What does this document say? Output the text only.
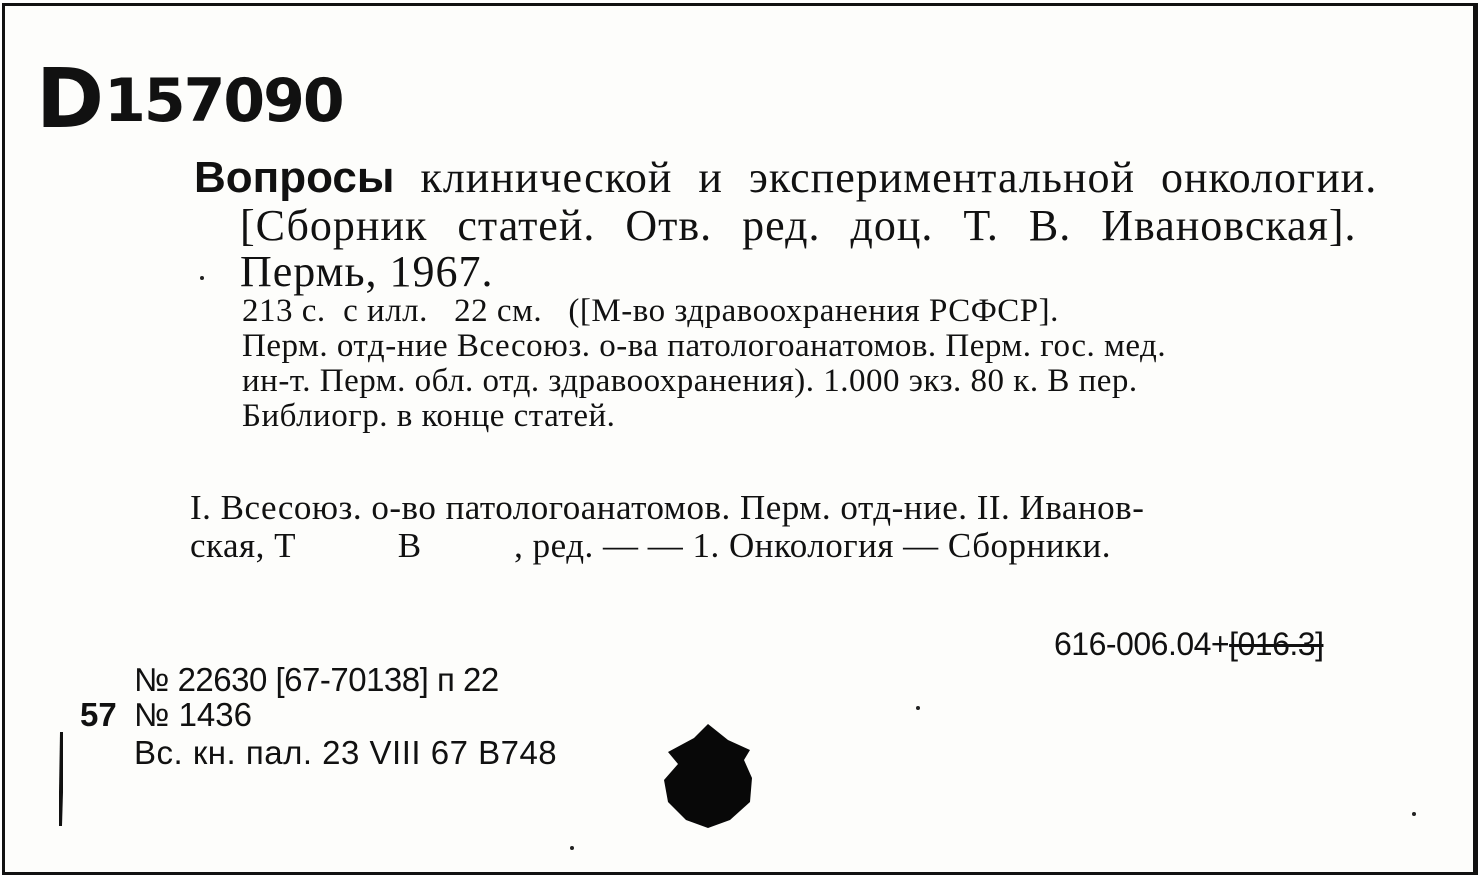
D157090
Вопросы клинической и экспериментальной онкологии.
[Сборник статей. Отв. ред. доц. Т. В. Ивановская].
Пермь, 1967.
213 с.  с илл.   22 см.   ([М-во здравоохранения РСФСР].
Перм. отд-ние Всесоюз. о-ва патологоанатомов. Перм. гос. мед.
ин-т. Перм. обл. отд. здравоохранения). 1.000 экз. 80 к. В пер.
Библиогр. в конце статей.
I. Всесоюз. о-во патологоанатомов. Перм. отд-ние. II. Иванов-
ская, Т           В          , ред. — — 1. Онкология — Сборники.
616-006.04+[016.3]
№ 22630 [67-70138] п 22
57 № 1436
Вс. кн. пал. 23 VIII 67 В748
